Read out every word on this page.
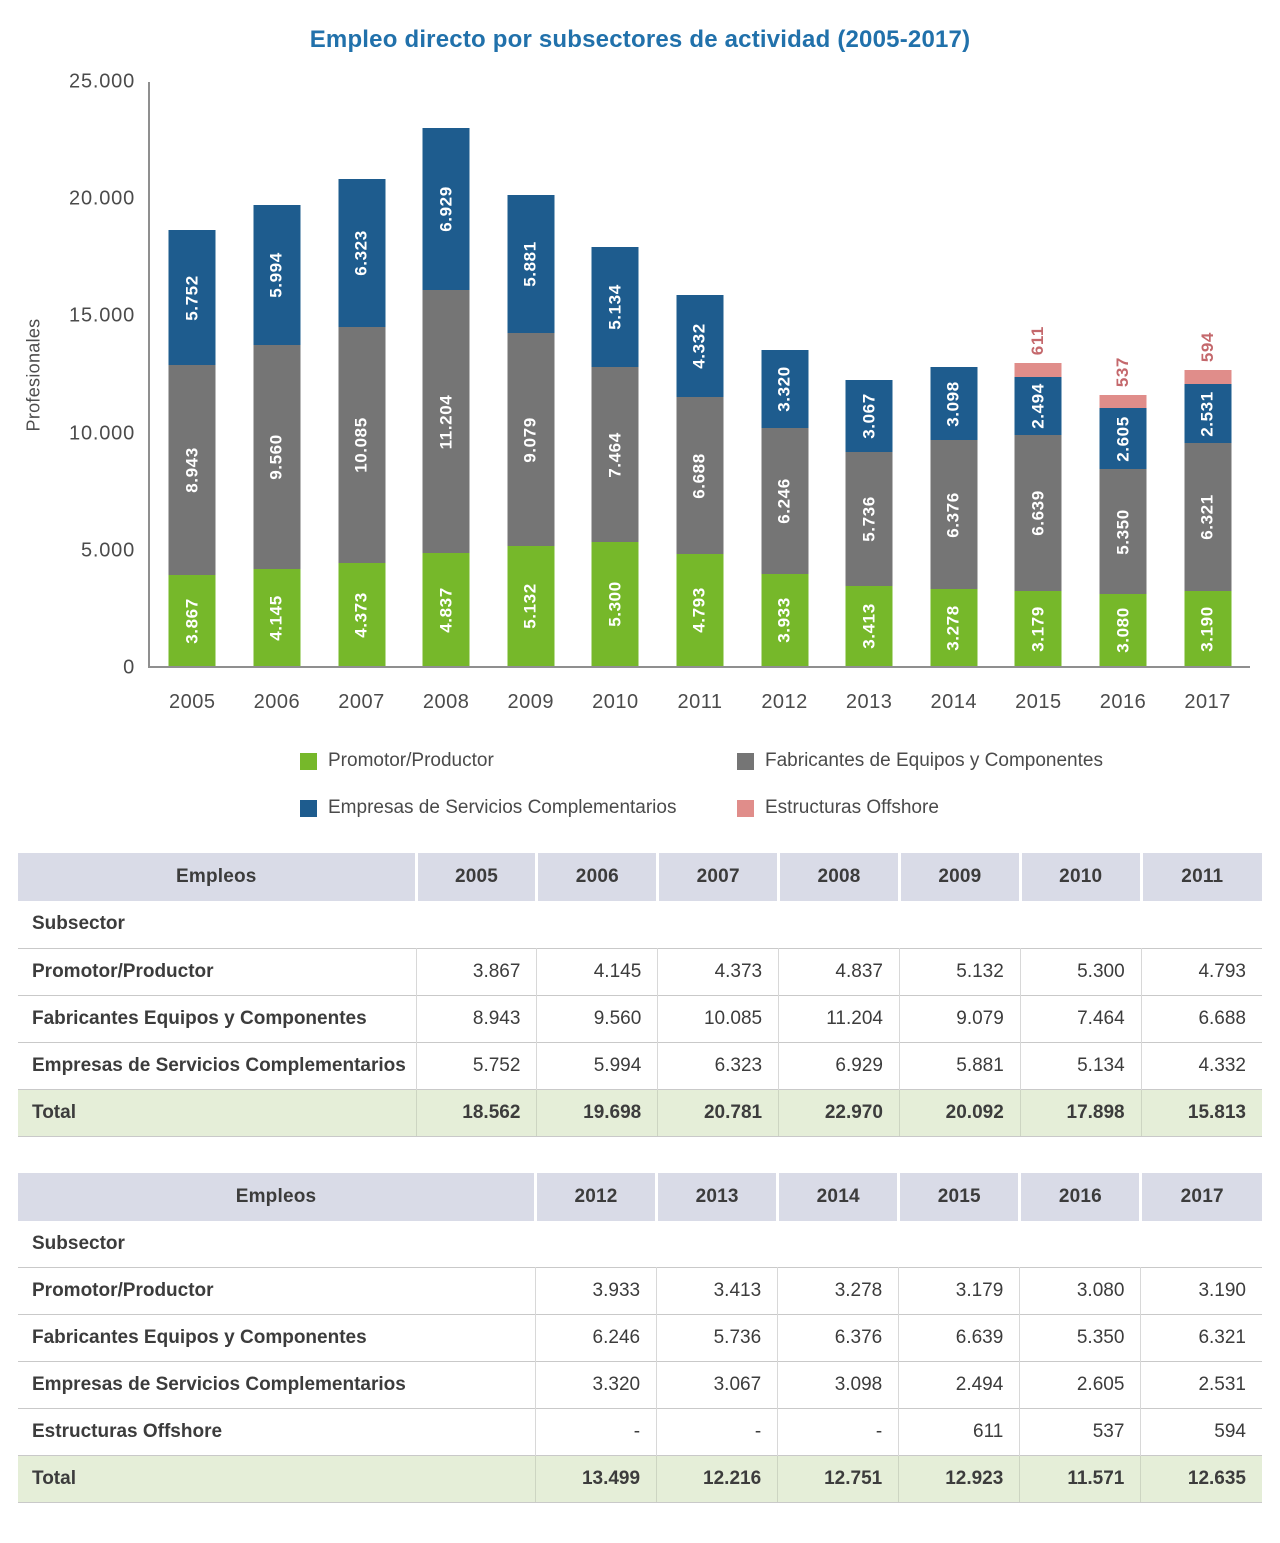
Empleo directo por subsectores de actividad (2005-2017)
Profesionales
0
5.000
10.000
15.000
20.000
25.000
3.867
8.943
5.752
2005
4.145
9.560
5.994
2006
4.373
10.085
6.323
2007
4.837
11.204
6.929
2008
5.132
9.079
5.881
2009
5.300
7.464
5.134
2010
4.793
6.688
4.332
2011
3.933
6.246
3.320
2012
3.413
5.736
3.067
2013
3.278
6.376
3.098
2014
611
3.179
6.639
2.494
2015
537
3.080
5.350
2.605
2016
594
3.190
6.321
2.531
2017
Promotor/Productor	Fabricantes de Equipos y Componentes
Empresas de Servicios Complementarios	Estructuras Offshore
Empleos	2005	2006	2007	2008	2009	2010	2011
Subsector							
Promotor/Productor	3.867	4.145	4.373	4.837	5.132	5.300	4.793
Fabricantes Equipos y Componentes	8.943	9.560	10.085	11.204	9.079	7.464	6.688
Empresas de Servicios Complementarios	5.752	5.994	6.323	6.929	5.881	5.134	4.332
Total	18.562	19.698	20.781	22.970	20.092	17.898	15.813
Empleos	2012	2013	2014	2015	2016	2017
Subsector						
Promotor/Productor	3.933	3.413	3.278	3.179	3.080	3.190
Fabricantes Equipos y Componentes	6.246	5.736	6.376	6.639	5.350	6.321
Empresas de Servicios Complementarios	3.320	3.067	3.098	2.494	2.605	2.531
Estructuras Offshore	-	-	-	611	537	594
Total	13.499	12.216	12.751	12.923	11.571	12.635
